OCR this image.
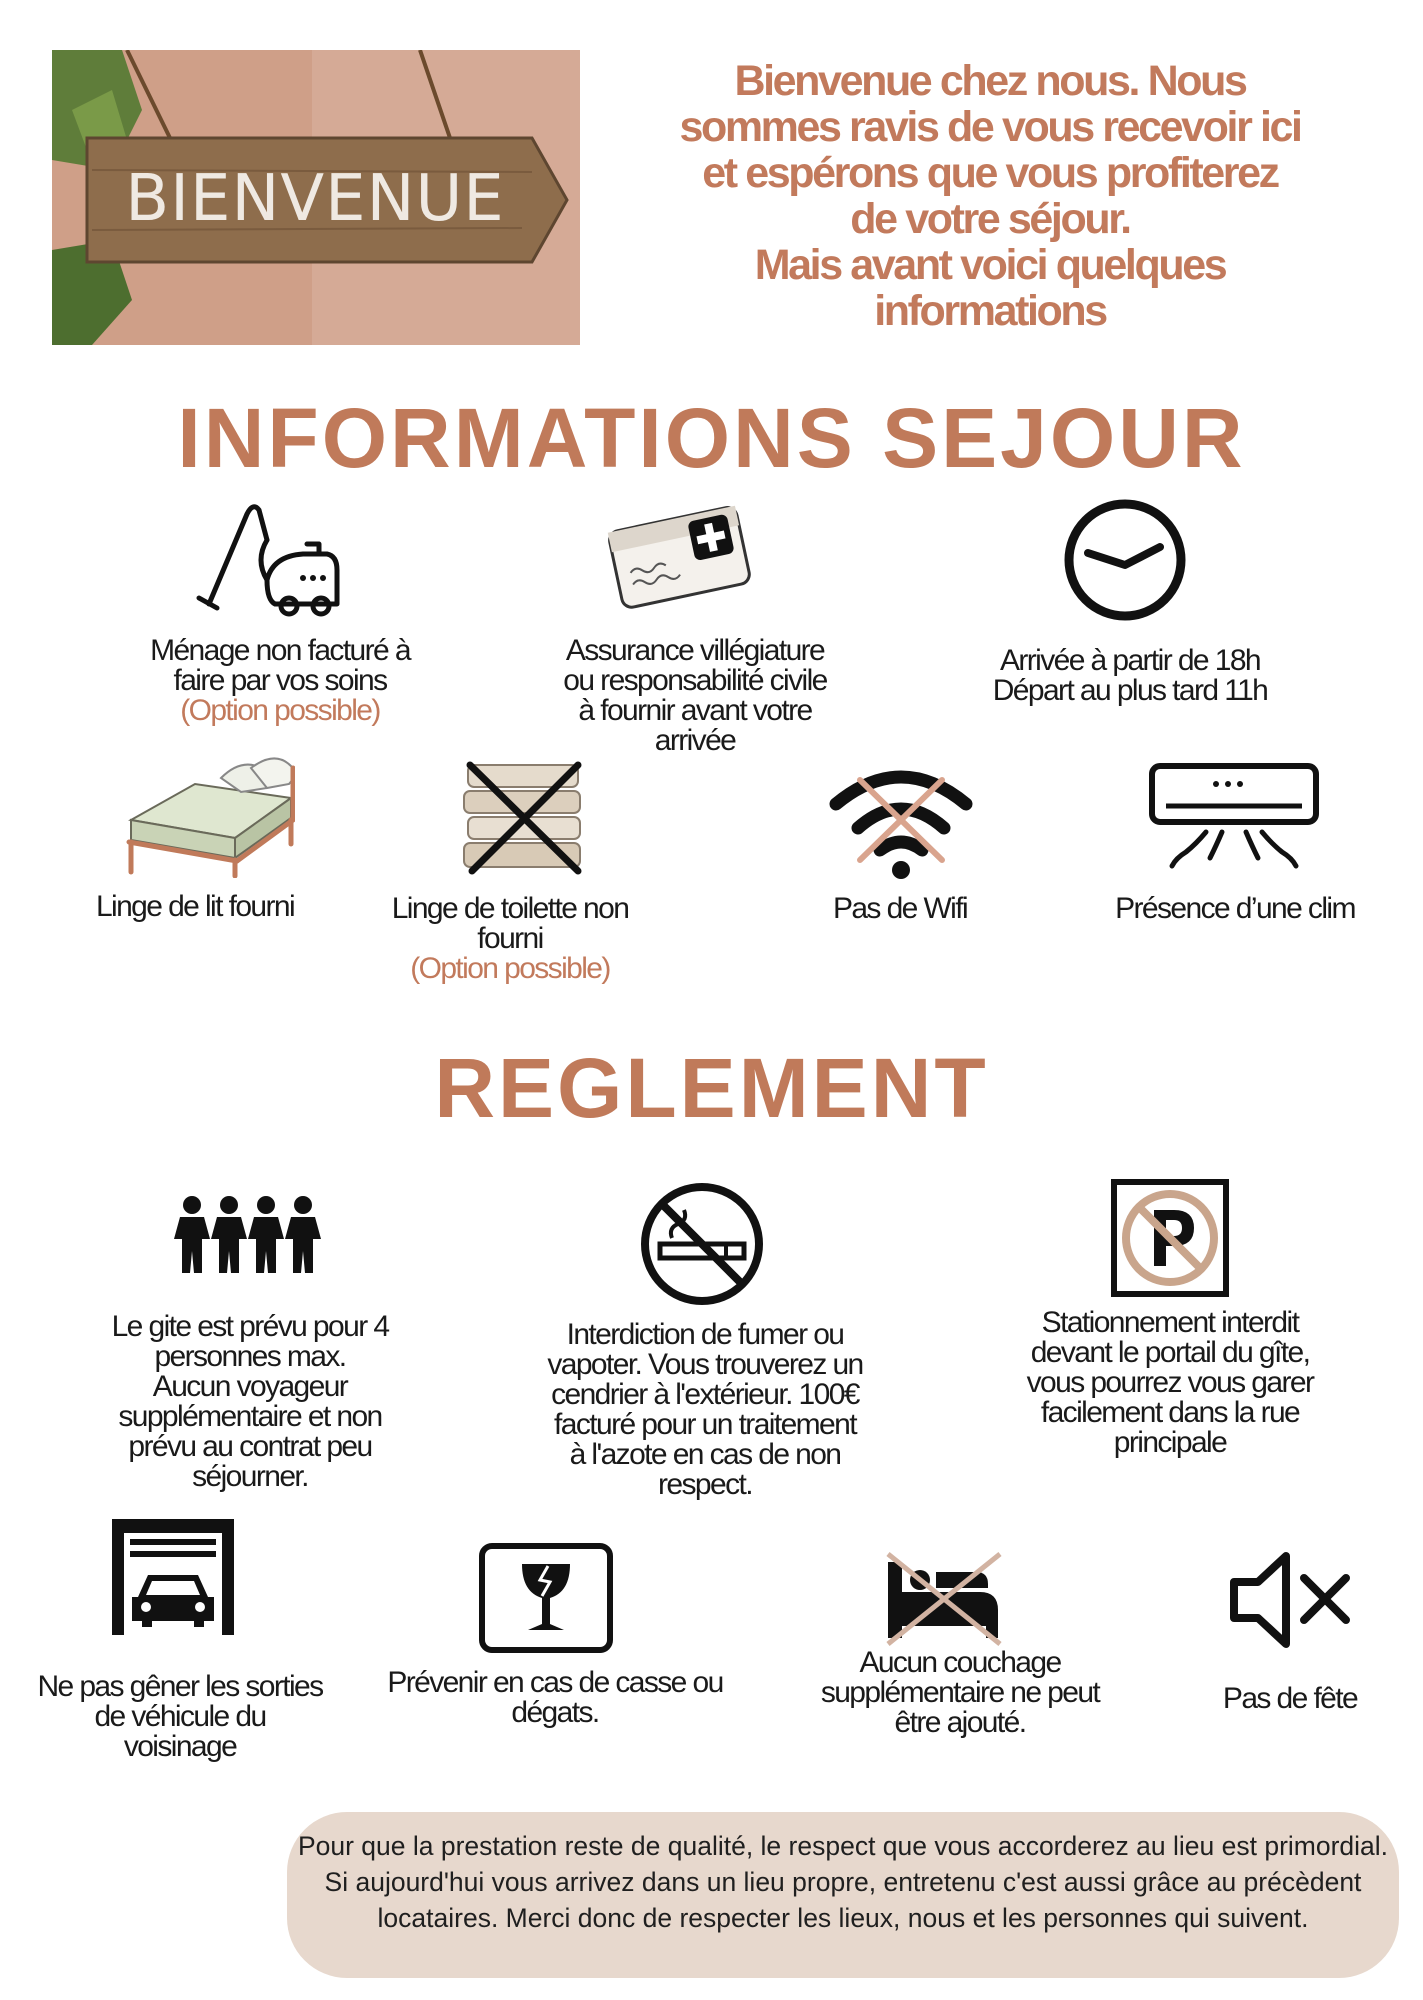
BIENVENUE
Bienvenue chez nous. Nous
sommes ravis de vous recevoir ici
et espérons que vous profiterez
de votre séjour.
Mais avant voici quelques
informations
INFORMATIONS SEJOUR
Ménage non facturé à
faire par vos soins
(Option possible)
Assurance villégiature
ou responsabilité civile
à fournir avant votre
arrivée
Arrivée à partir de 18h
Départ au plus tard 11h
Linge de lit fourni	Linge de toilette non
fourni
(Option possible)
Pas de Wifi	Présence d’une clim
REGLEMENT
Le gite est prévu pour 4
personnes max.
Aucun voyageur
supplémentaire et non
prévu au contrat peu
séjourner.
Interdiction de fumer ou
vapoter. Vous trouverez un
cendrier à l'extérieur. 100€
facturé pour un traitement
à l'azote en cas de non
respect.
Stationnement interdit
devant le portail du gîte,
vous pourrez vous garer
facilement dans la rue
principale
Ne pas gêner les sorties
de véhicule du
voisinage
Prévenir en cas de casse ou
dégats.
Aucun couchage
supplémentaire ne peut
être ajouté.
Pas de fête
Pour que la prestation reste de qualité, le respect que vous accorderez au lieu est primordial. Si aujourd'hui vous arrivez dans un lieu propre, entretenu c'est aussi grâce au précèdent locataires. Merci donc de respecter les lieux, nous et les personnes qui suivent.
